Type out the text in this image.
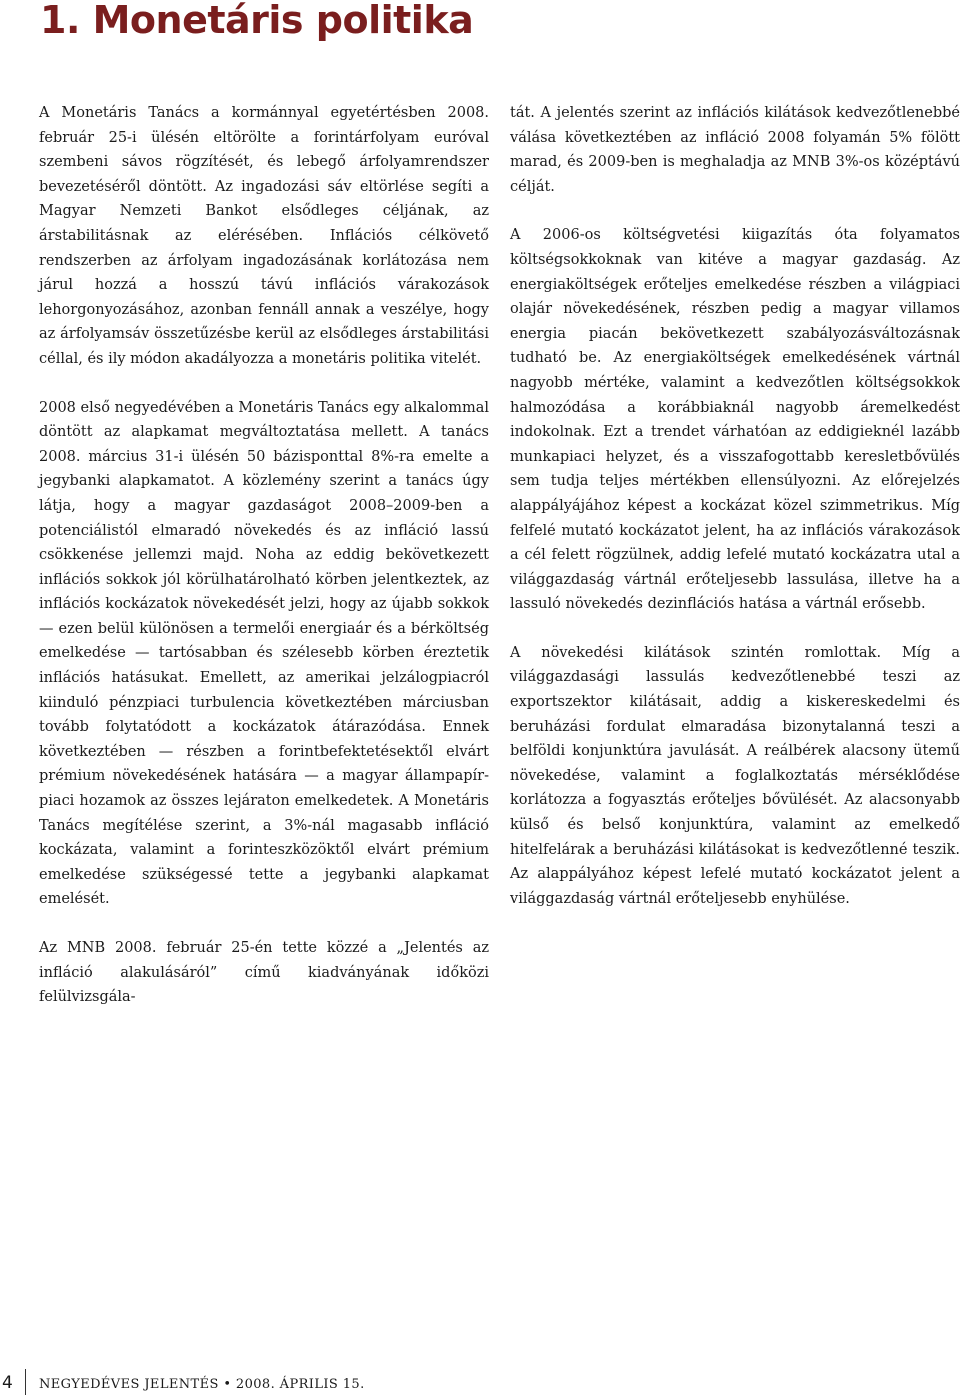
1. Monetáris politika

A Monetáris Tanács a kormánnyal egyetértésben 2008. február 25-i ülésén eltörölte a forintárfolyam euróval szembeni sávos rögzítését, és lebegő árfolyamrendszer bevezetéséről döntött. Az ingadozási sáv eltörlése segíti a Magyar Nemzeti Bankot elsődleges céljának, az árstabilitásnak az elérésében. Inflációs célkövető rendszerben az árfolyam ingadozásának korlátozása nem járul hozzá a hosszú távú inflációs várakozások lehorgonyozásához, azonban fennáll annak a veszélye, hogy az árfolyamsáv összetűzésbe kerül az elsődleges árstabilitási céllal, és ily módon akadályozza a monetáris politika vitelét.

2008 első negyedévében a Monetáris Tanács egy alkalommal döntött az alapkamat megváltoztatása mellett. A tanács 2008. március 31-i ülésén 50 bázisponttal 8%-ra emelte a jegybanki alapkamatot. A közlemény szerint a tanács úgy látja, hogy a magyar gazdaságot 2008–2009-ben a potenciálistól elmaradó növekedés és az infláció lassú csökkenése jellemzi majd. Noha az eddig bekövetkezett inflációs sokkok jól körülhatárolható körben jelentkeztek, az inflációs kockázatok növekedését jelzi, hogy az újabb sokkok — ezen belül különösen a termelői energiaár és a bérköltség emelkedése — tartósabban és szélesebb körben éreztetik inflációs hatásukat. Emellett, az amerikai jelzálogpiacról kiinduló pénzpiaci turbulencia következtében márciusban tovább folytatódott a kockázatok átárazódása. Ennek következtében — részben a forintbefektetésektől elvárt prémium növekedésének hatására — a magyar állampapír-piaci hozamok az összes lejáraton emelkedetek. A Monetáris Tanács megítélése szerint, a 3%-nál magasabb infláció kockázata, valamint a forinteszközöktől elvárt prémium emelkedése szükségessé tette a jegybanki alapkamat emelését.

Az MNB 2008. február 25-én tette közzé a „Jelentés az infláció alakulásáról” című kiadványának időközi felülvizsgála-

tát. A jelentés szerint az inflációs kilátások kedvezőtlenebbé válása következtében az infláció 2008 folyamán 5% fölött marad, és 2009-ben is meghaladja az MNB 3%-os középtávú célját.

A 2006-os költségvetési kiigazítás óta folyamatos költségsokkoknak van kitéve a magyar gazdaság. Az energiaköltségek erőteljes emelkedése részben a világpiaci olajár növekedésének, részben pedig a magyar villamos energia piacán bekövetkezett szabályozásváltozásnak tudható be. Az energiaköltségek emelkedésének vártnál nagyobb mértéke, valamint a kedvezőtlen költségsokkok halmozódása a korábbiaknál nagyobb áremelkedést indokolnak. Ezt a trendet várhatóan az eddigieknél lazább munkapiaci helyzet, és a visszafogottabb keresletbővülés sem tudja teljes mértékben ellensúlyozni. Az előrejelzés alappályájához képest a kockázat közel szimmetrikus. Míg felfelé mutató kockázatot jelent, ha az inflációs várakozások a cél felett rögzülnek, addig lefelé mutató kockázatra utal a világgazdaság vártnál erőteljesebb lassulása, illetve ha a lassuló növekedés dezinflációs hatása a vártnál erősebb.

A növekedési kilátások szintén romlottak. Míg a világgazdasági lassulás kedvezőtlenebbé teszi az exportszektor kilátásait, addig a kiskereskedelmi és beruházási fordulat elmaradása bizonytalanná teszi a belföldi konjunktúra javulását. A reálbérek alacsony ütemű növekedése, valamint a foglalkoztatás mérséklődése korlátozza a fogyasztás erőteljes bővülését. Az alacsonyabb külső és belső konjunktúra, valamint az emelkedő hitelfelárak a beruházási kilátásokat is kedvezőtlenné teszik. Az alappályához képest lefelé mutató kockázatot jelent a világgazdaság vártnál erőteljesebb enyhülése.

4 NEGYEDÉVES JELENTÉS • 2008. ÁPRILIS 15.
